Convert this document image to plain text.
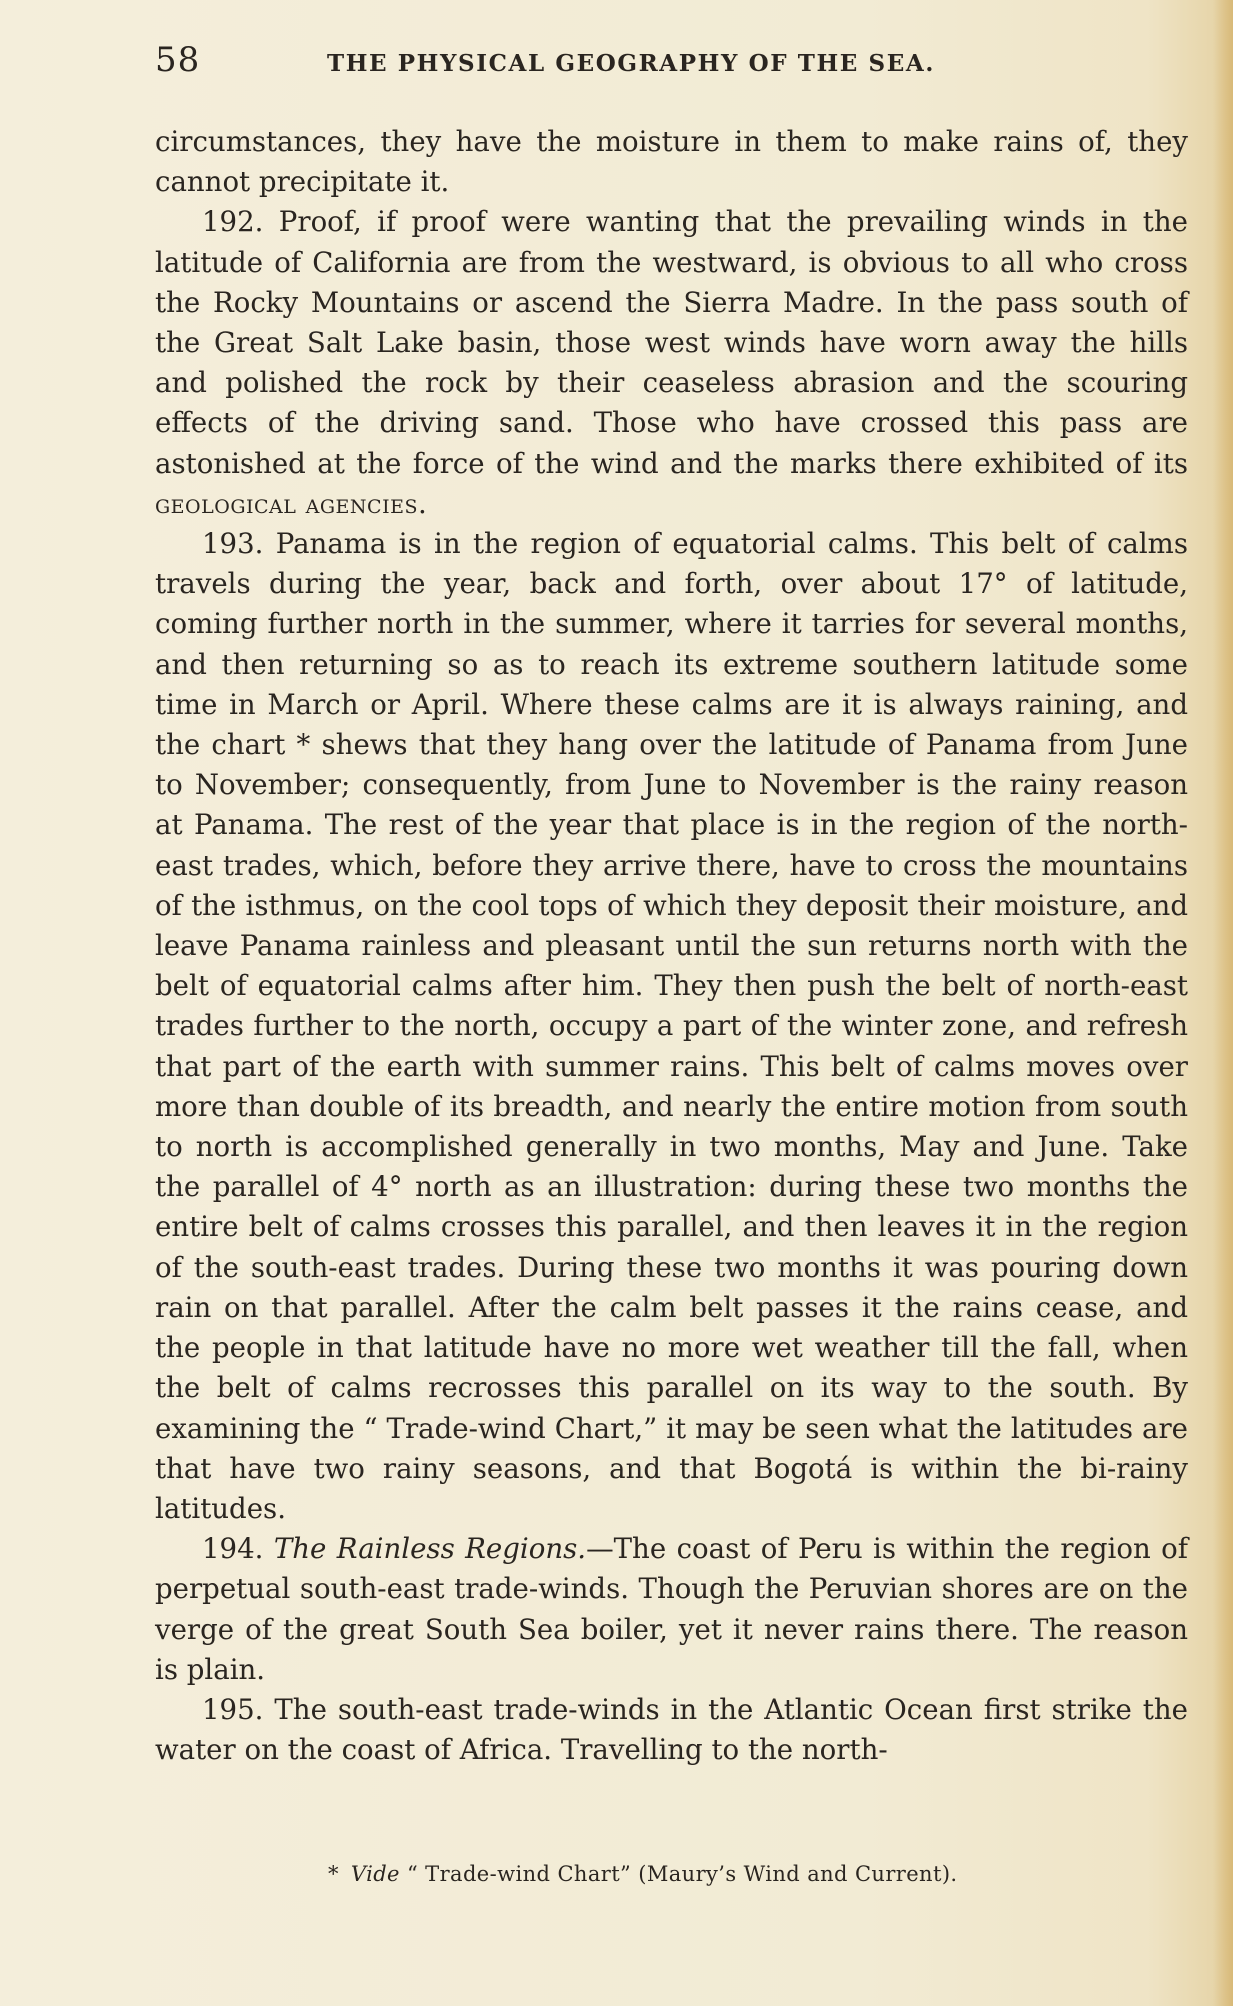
58	THE PHYSICAL GEOGRAPHY OF THE SEA.

circumstances, they have the moisture in them to make rains of, they cannot precipitate it.

192. Proof, if proof were wanting that the prevailing winds in the latitude of California are from the westward, is obvious to all who cross the Rocky Mountains or ascend the Sierra Madre. In the pass south of the Great Salt Lake basin, those west winds have worn away the hills and polished the rock by their ceaseless abrasion and the scouring effects of the driving sand. Those who have crossed this pass are astonished at the force of the wind and the marks there exhibited of its geological agencies.

193. Panama is in the region of equatorial calms. This belt of calms travels during the year, back and forth, over about 17° of latitude, coming further north in the summer, where it tarries for several months, and then returning so as to reach its extreme southern latitude some time in March or April. Where these calms are it is always raining, and the chart * shews that they hang over the latitude of Panama from June to November; consequently, from June to November is the rainy reason at Panama. The rest of the year that place is in the region of the north-east trades, which, before they arrive there, have to cross the mountains of the isthmus, on the cool tops of which they deposit their moisture, and leave Panama rainless and pleasant until the sun returns north with the belt of equatorial calms after him. They then push the belt of north-east trades further to the north, occupy a part of the winter zone, and refresh that part of the earth with summer rains. This belt of calms moves over more than double of its breadth, and nearly the entire motion from south to north is accomplished generally in two months, May and June. Take the parallel of 4° north as an illustration: during these two months the entire belt of calms crosses this parallel, and then leaves it in the region of the south-east trades. During these two months it was pouring down rain on that parallel. After the calm belt passes it the rains cease, and the people in that latitude have no more wet weather till the fall, when the belt of calms recrosses this parallel on its way to the south. By examining the “ Trade-wind Chart,” it may be seen what the latitudes are that have two rainy seasons, and that Bogotá is within the bi-rainy latitudes.

194. The Rainless Regions.—The coast of Peru is within the region of perpetual south-east trade-winds. Though the Peruvian shores are on the verge of the great South Sea boiler, yet it never rains there. The reason is plain.

195. The south-east trade-winds in the Atlantic Ocean first strike the water on the coast of Africa. Travelling to the north-

* Vide “ Trade-wind Chart” (Maury’s Wind and Current).
